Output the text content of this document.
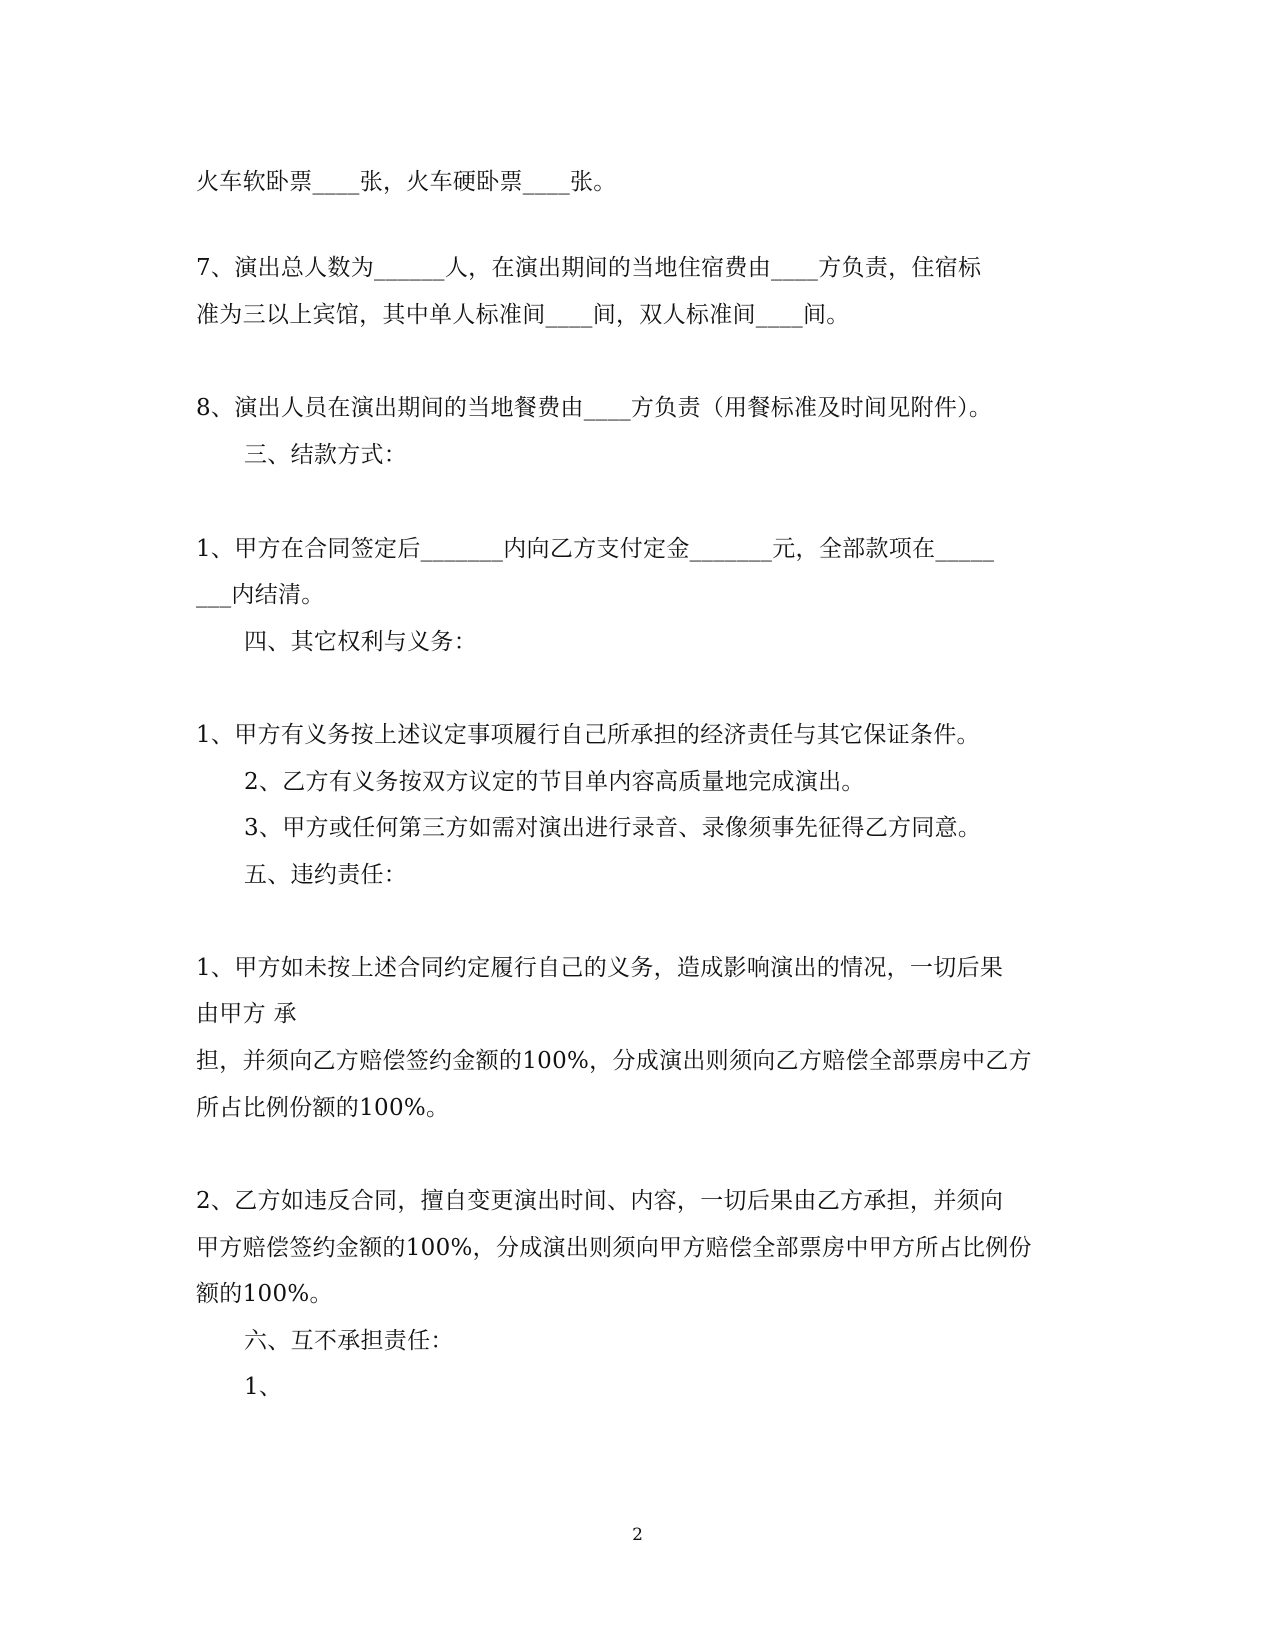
火车软卧票____张，火车硬卧票____张。
7、演出总人数为______人，在演出期间的当地住宿费由____方负责，住宿标
准为三以上宾馆，其中单人标准间____间，双人标准间____间。
8、演出人员在演出期间的当地餐费由____方负责（用餐标准及时间见附件）。
三、结款方式：
1、甲方在合同签定后_______内向乙方支付定金_______元，全部款项在_____
___内结清。
四、其它权利与义务：
1、甲方有义务按上述议定事项履行自己所承担的经济责任与其它保证条件。
2、乙方有义务按双方议定的节目单内容高质量地完成演出。
3、甲方或任何第三方如需对演出进行录音、录像须事先征得乙方同意。
五、违约责任：
1、甲方如未按上述合同约定履行自己的义务，造成影响演出的情况，一切后果
由甲方 承
担，并须向乙方赔偿签约金额的100%，分成演出则须向乙方赔偿全部票房中乙方
所占比例份额的100%。
2、乙方如违反合同，擅自变更演出时间、内容，一切后果由乙方承担，并须向
甲方赔偿签约金额的100%，分成演出则须向甲方赔偿全部票房中甲方所占比例份
额的100%。
六、互不承担责任：
1、
2
